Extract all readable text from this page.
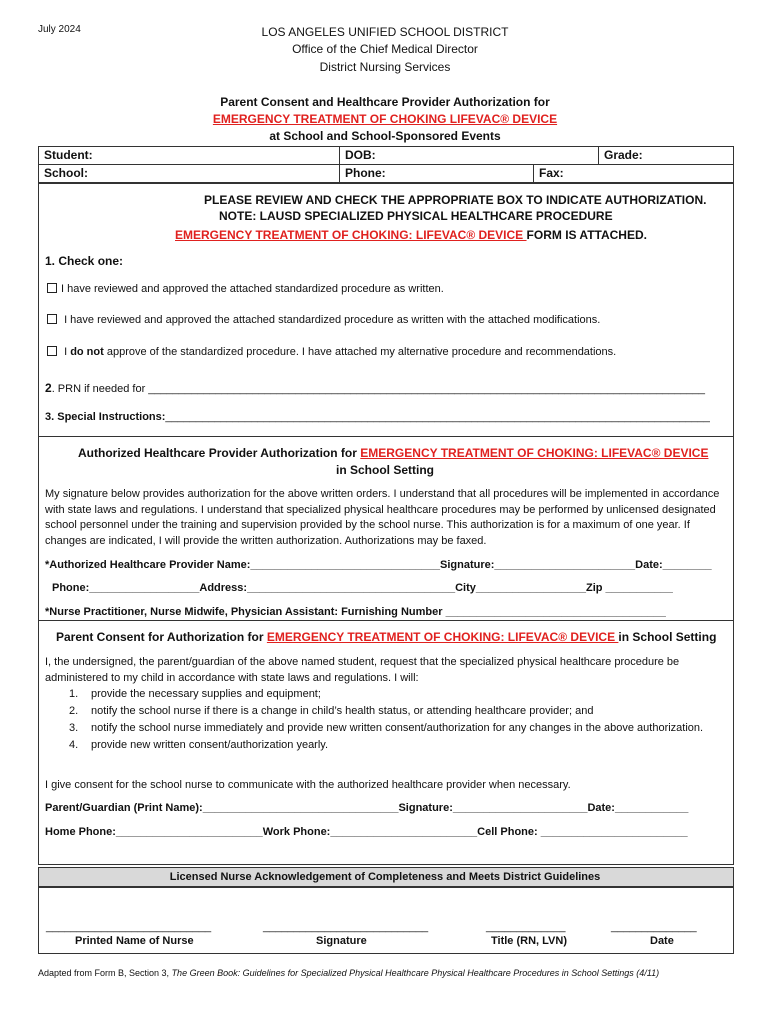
July 2024	LOS ANGELES UNIFIED SCHOOL DISTRICT
Office of the Chief Medical Director
District Nursing Services
Parent Consent and Healthcare Provider Authorization for
EMERGENCY TREATMENT OF CHOKING LIFEVAC® DEVICE
at School and School-Sponsored Events
Student:	DOB:	Grade:
School:	Phone:	Fax:
PLEASE REVIEW AND CHECK THE APPROPRIATE BOX TO INDICATE AUTHORIZATION.
NOTE: LAUSD SPECIALIZED PHYSICAL HEALTHCARE PROCEDURE
EMERGENCY TREATMENT OF CHOKING: LIFEVAC® DEVICE FORM IS ATTACHED.
1. Check one:
I have reviewed and approved the attached standardized procedure as written.
I have reviewed and approved the attached standardized procedure as written with the attached modifications.
I do not approve of the standardized procedure. I have attached my alternative procedure and recommendations.
2. PRN if needed for ___________________________________________________________________________________________
3. Special Instructions:_________________________________________________________________________________________
Authorized Healthcare Provider Authorization for EMERGENCY TREATMENT OF CHOKING: LIFEVAC® DEVICE
in School Setting
My signature below provides authorization for the above written orders. I understand that all procedures will be implemented in accordance with state laws and regulations. I understand that specialized physical healthcare procedures may be performed by unlicensed designated school personnel under the training and supervision provided by the school nurse. This authorization is for a maximum of one year. If changes are indicated, I will provide the written authorization. Authorizations may be faxed.
*Authorized Healthcare Provider Name:_______________________________Signature:_______________________Date:________
Phone:__________________Address:__________________________________City__________________Zip ___________
*Nurse Practitioner, Nurse Midwife, Physician Assistant: Furnishing Number ____________________________________
Parent Consent for Authorization for EMERGENCY TREATMENT OF CHOKING: LIFEVAC® DEVICE in School Setting
I, the undersigned, the parent/guardian of the above named student, request that the specialized physical healthcare procedure be administered to my child in accordance with state laws and regulations. I will:
1. provide the necessary supplies and equipment;
2. notify the school nurse if there is a change in child’s health status, or attending healthcare provider; and
3. notify the school nurse immediately and provide new written consent/authorization for any changes in the above authorization.
4. provide new written consent/authorization yearly.
I give consent for the school nurse to communicate with the authorized healthcare provider when necessary.
Parent/Guardian (Print Name):________________________________Signature:______________________Date:____________
Home Phone:________________________Work Phone:________________________Cell Phone: ________________________
Licensed Nurse Acknowledgement of Completeness and Meets District Guidelines
___________________________
Printed Name of Nurse
___________________________
Signature
_____________
Title (RN, LVN)
______________
Date
Adapted from Form B, Section 3, The Green Book: Guidelines for Specialized Physical Healthcare Physical Healthcare Procedures in School Settings (4/11)
